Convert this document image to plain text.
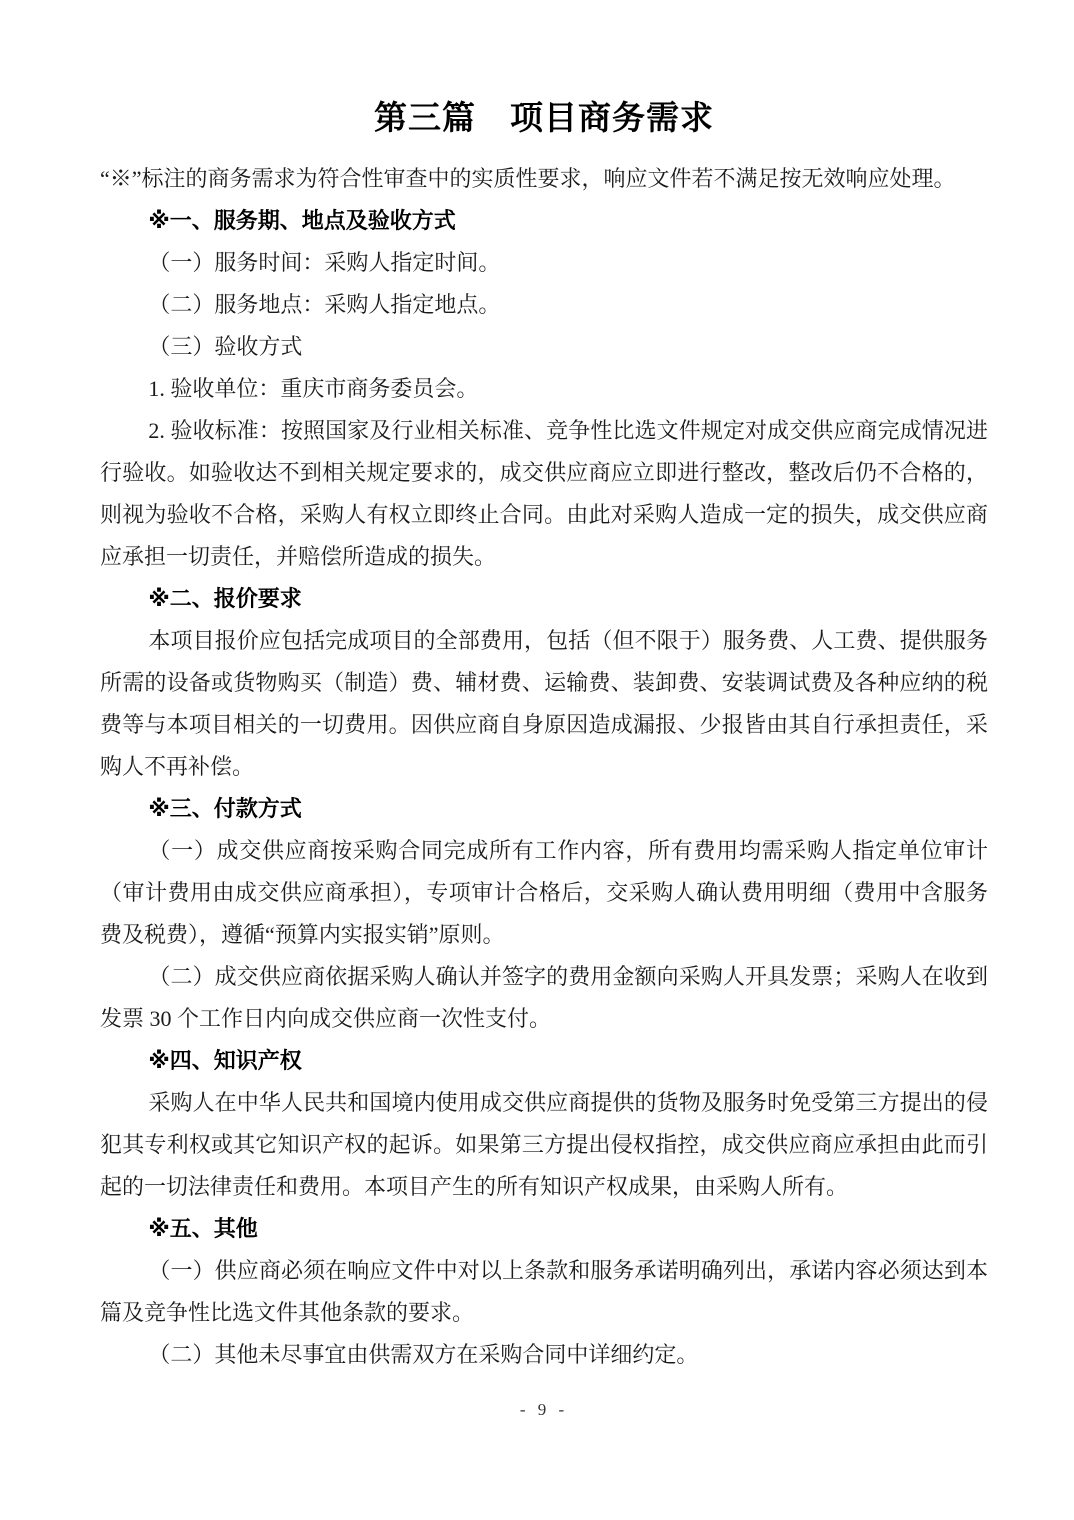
第三篇　项目商务需求

“※”标注的商务需求为符合性审查中的实质性要求，响应文件若不满足按无效响应处理。

※一、服务期、地点及验收方式

（一）服务时间：采购人指定时间。

（二）服务地点：采购人指定地点。

（三）验收方式

1. 验收单位：重庆市商务委员会。

2. 验收标准：按照国家及行业相关标准、竞争性比选文件规定对成交供应商完成情况进行验收。如验收达不到相关规定要求的，成交供应商应立即进行整改，整改后仍不合格的，则视为验收不合格，采购人有权立即终止合同。由此对采购人造成一定的损失，成交供应商应承担一切责任，并赔偿所造成的损失。

※二、报价要求

本项目报价应包括完成项目的全部费用，包括（但不限于）服务费、人工费、提供服务所需的设备或货物购买（制造）费、辅材费、运输费、装卸费、安装调试费及各种应纳的税费等与本项目相关的一切费用。因供应商自身原因造成漏报、少报皆由其自行承担责任，采购人不再补偿。

※三、付款方式

（一）成交供应商按采购合同完成所有工作内容，所有费用均需采购人指定单位审计（审计费用由成交供应商承担），专项审计合格后，交采购人确认费用明细（费用中含服务费及税费），遵循“预算内实报实销”原则。

（二）成交供应商依据采购人确认并签字的费用金额向采购人开具发票；采购人在收到发票 30 个工作日内向成交供应商一次性支付。

※四、知识产权

采购人在中华人民共和国境内使用成交供应商提供的货物及服务时免受第三方提出的侵犯其专利权或其它知识产权的起诉。如果第三方提出侵权指控，成交供应商应承担由此而引起的一切法律责任和费用。本项目产生的所有知识产权成果，由采购人所有。

※五、其他

（一）供应商必须在响应文件中对以上条款和服务承诺明确列出，承诺内容必须达到本篇及竞争性比选文件其他条款的要求。

（二）其他未尽事宜由供需双方在采购合同中详细约定。

- 9 -
